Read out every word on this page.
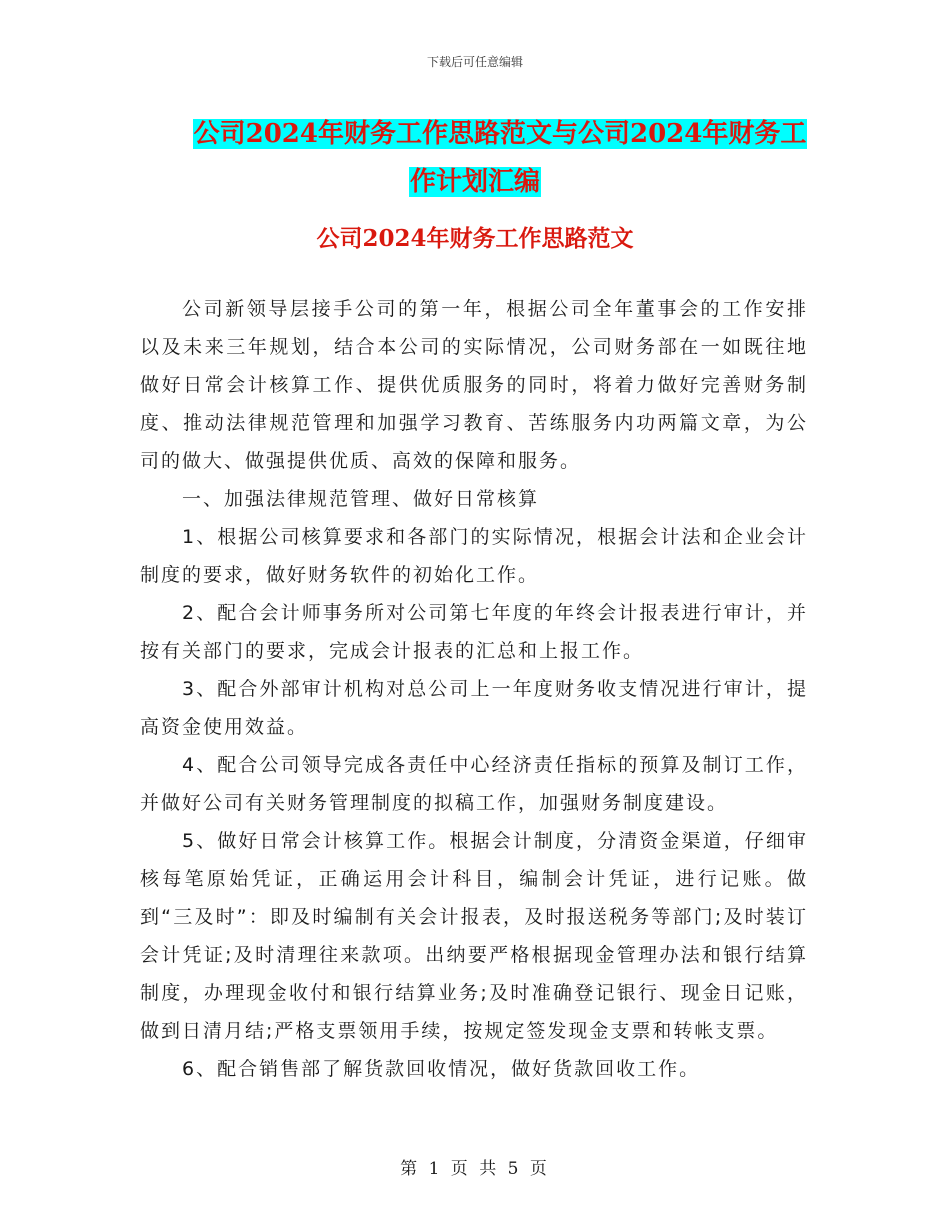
下载后可任意编辑
公司2024年财务工作思路范文与公司2024年财务工
作计划汇编
公司2024年财务工作思路范文

公司新领导层接手公司的第一年，根据公司全年董事会的工作安排以及未来三年规划，结合本公司的实际情况，公司财务部在一如既往地做好日常会计核算工作、提供优质服务的同时，将着力做好完善财务制度、推动法律规范管理和加强学习教育、苦练服务内功两篇文章，为公司的做大、做强提供优质、高效的保障和服务。

一、加强法律规范管理、做好日常核算

1、根据公司核算要求和各部门的实际情况，根据会计法和企业会计制度的要求，做好财务软件的初始化工作。

2、配合会计师事务所对公司第七年度的年终会计报表进行审计，并按有关部门的要求，完成会计报表的汇总和上报工作。

3、配合外部审计机构对总公司上一年度财务收支情况进行审计，提高资金使用效益。

4、配合公司领导完成各责任中心经济责任指标的预算及制订工作，并做好公司有关财务管理制度的拟稿工作，加强财务制度建设。

5、做好日常会计核算工作。根据会计制度，分清资金渠道，仔细审核每笔原始凭证，正确运用会计科目，编制会计凭证，进行记账。做到“三及时”：即及时编制有关会计报表，及时报送税务等部门;及时装订会计凭证;及时清理往来款项。出纳要严格根据现金管理办法和银行结算制度，办理现金收付和银行结算业务;及时准确登记银行、现金日记账，做到日清月结;严格支票领用手续，按规定签发现金支票和转帐支票。

6、配合销售部了解货款回收情况，做好货款回收工作。

第 1 页 共 5 页
